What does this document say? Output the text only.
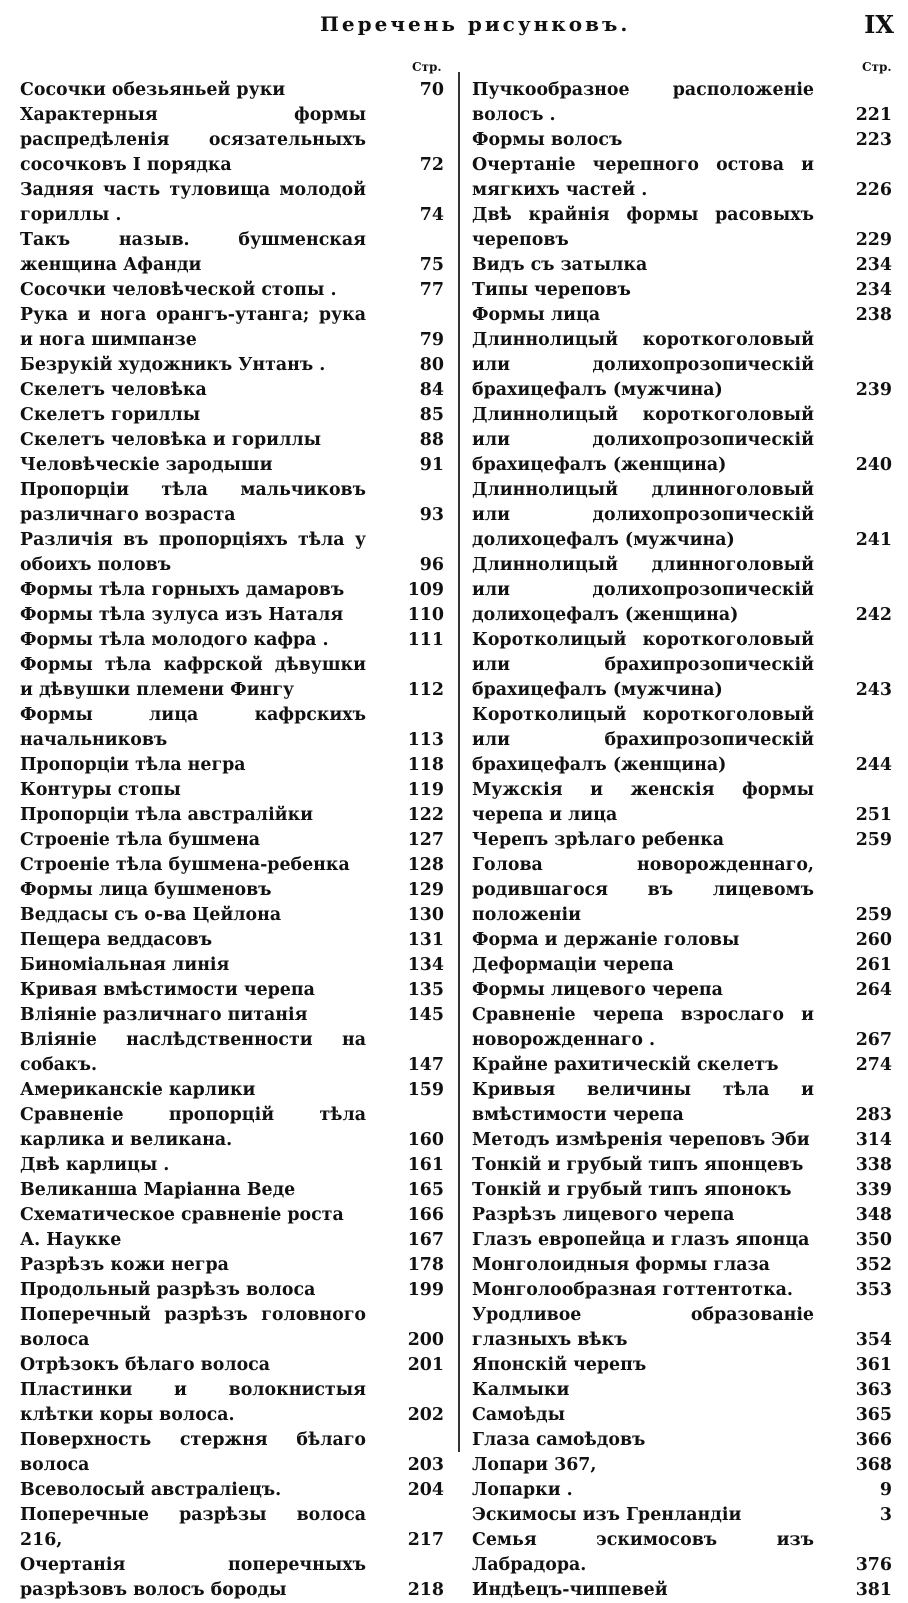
Перечень рисунковъ.	IX
Стр.
Сосочки обезьяньей руки	70
Характерныя формы распредѣленія осязательныхъ сосочковъ I порядка	72
Задняя часть туловища молодой гориллы .	74
Такъ назыв. бушменская женщина Афанди	75
Сосочки человѣческой стопы .	77
Рука и нога орангъ-утанга; рука и нога шимпанзе	79
Безрукій художникъ Унтанъ .	80
Скелетъ человѣка	84
Скелетъ гориллы	85
Скелетъ человѣка и гориллы	88
Человѣческіе зародыши	91
Пропорціи тѣла мальчиковъ различнаго возраста	93
Различія въ пропорціяхъ тѣла у обоихъ половъ	96
Формы тѣла горныхъ дамаровъ	109
Формы тѣла зулуса изъ Наталя	110
Формы тѣла молодого кафра .	111
Формы тѣла кафрской дѣвушки и дѣвушки племени Фингу	112
Формы лица кафрскихъ начальниковъ	113
Пропорціи тѣла негра	118
Контуры стопы	119
Пропорціи тѣла австралійки	122
Строеніе тѣла бушмена	127
Строеніе тѣла бушмена-ребенка	128
Формы лица бушменовъ	129
Веддасы съ о-ва Цейлона	130
Пещера веддасовъ	131
Биноміальная линія	134
Кривая вмѣстимости черепа	135
Вліяніе различнаго питанія	145
Вліяніе наслѣдственности на собакъ.	147
Американскіе карлики	159
Сравненіе пропорцій тѣла карлика и великана.	160
Двѣ карлицы .	161
Великанша Маріанна Ведe	165
Схематическое сравненіе роста	166
А. Наукке	167
Разрѣзъ кожи негра	178
Продольный разрѣзъ волоса	199
Поперечный разрѣзъ головного волоса	200
Отрѣзокъ бѣлаго волоса	201
Пластинки и волокнистыя клѣтки коры волоса.	202
Поверхность стержня бѣлаго волоса	203
Всеволосый австраліецъ.	204
Поперечные разрѣзы волоса 216,	217
Очертанія поперечныхъ разрѣзовъ волосъ бороды	218
Стр.
Пучкообразное расположеніе волосъ .	221
Формы волосъ	223
Очертаніе черепного остова и мягкихъ частей .	226
Двѣ крайнія формы расовыхъ череповъ	229
Видъ съ затылка	234
Типы череповъ	234
Формы лица	238
Длиннолицый короткоголовый или долихопрозопическій брахицефалъ (мужчина)	239
Длиннолицый короткоголовый или долихопрозопическій брахицефалъ (женщина)	240
Длиннолицый длинноголовый или долихопрозопическій долихоцефалъ (мужчина)	241
Длиннолицый длинноголовый или долихопрозопическій долихоцефалъ (женщина)	242
Короткол​ицый короткоголовый или брахипрозопическій брахицефалъ (мужчина)	243
Короткол​ицый короткоголовый или брахипрозопическій брахицефалъ (женщина)	244
Мужскія и женскія формы черепа и лица	251
Черепъ зрѣлаго ребенка	259
Голова новорожденнаго, родившагося въ лицевомъ положеніи	259
Форма и держаніе головы	260
Деформаціи черепа	261
Формы лицевого черепа	264
Сравненіе черепа взрослаго и новорожденнаго .	267
Крайне рахитическій скелетъ	274
Кривыя величины тѣла и вмѣстимости черепа	283
Методъ измѣренія череповъ Эби	314
Тонкій и грубый типъ японцевъ	338
Тонкій и грубый типъ японокъ	339
Разрѣзъ лицевого черепа	348
Глазъ европейца и глазъ японца	350
Монголоидныя формы глаза	352
Монголообразная готтентотка.	353
Уродливое образованіе глазныхъ вѣкъ	354
Японскій черепъ	361
Калмыки	363
Самоѣды	365
Глаза самоѣдовъ	366
Лопари 367,	368
Лопарки .	9
Эскимосы изъ Гренландіи	3
Семья эскимосовъ изъ Лабрадора.	376
Индѣецъ-чиппевей	381
